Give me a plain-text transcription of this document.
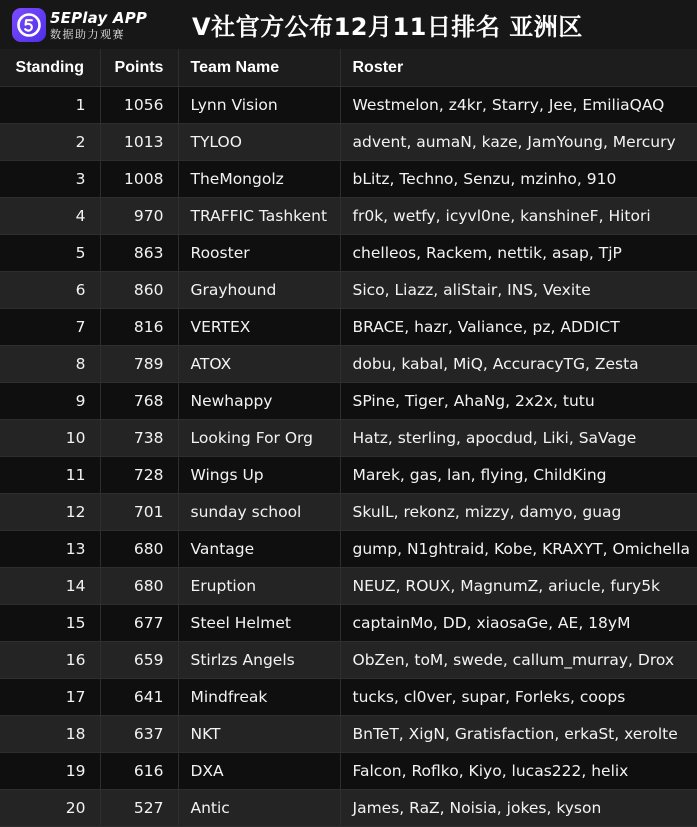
5EPlay APP
数据助力观赛	V社官方公布12月11日排名 亚洲区
Standing	Points	Team Name	Roster
1	1056	Lynn Vision	Westmelon, z4kr, Starry, Jee, EmiliaQAQ
2	1013	TYLOO	advent, aumaN, kaze, JamYoung, Mercury
3	1008	TheMongolz	bLitz, Techno, Senzu, mzinho, 910
4	970	TRAFFIC Tashkent	fr0k, wetfy, icyvl0ne, kanshineF, Hitori
5	863	Rooster	chelleos, Rackem, nettik, asap, TjP
6	860	Grayhound	Sico, Liazz, aliStair, INS, Vexite
7	816	VERTEX	BRACE, hazr, Valiance, pz, ADDICT
8	789	ATOX	dobu, kabal, MiQ, AccuracyTG, Zesta
9	768	Newhappy	SPine, Tiger, AhaNg, 2x2x, tutu
10	738	Looking For Org	Hatz, sterling, apocdud, Liki, SaVage
11	728	Wings Up	Marek, gas, lan, flying, ChildKing
12	701	sunday school	SkulL, rekonz, mizzy, damyo, guag
13	680	Vantage	gump, N1ghtraid, Kobe, KRAXYT, Omichella
14	680	Eruption	NEUZ, ROUX, MagnumZ, ariucle, fury5k
15	677	Steel Helmet	captainMo, DD, xiaosaGe, AE, 18yM
16	659	Stirlzs Angels	ObZen, toM, swede, callum_murray, Drox
17	641	Mindfreak	tucks, cl0ver, supar, Forleks, coops
18	637	NKT	BnTeT, XigN, Gratisfaction, erkaSt, xerolte
19	616	DXA	Falcon, Roflko, Kiyo, lucas222, helix
20	527	Antic	James, RaZ, Noisia, jokes, kyson
